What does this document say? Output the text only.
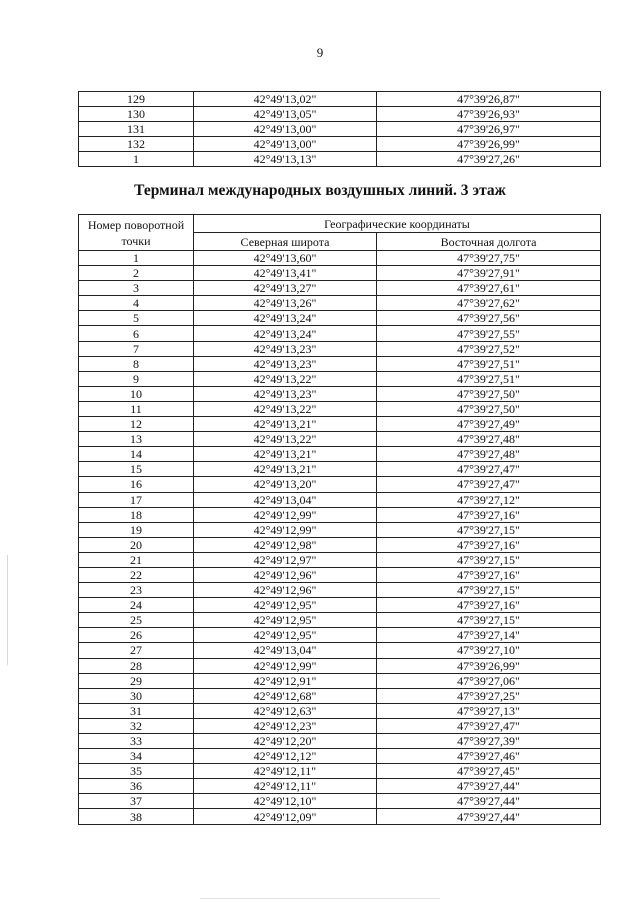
9
129	42°49'13,02"	47°39'26,87"
130	42°49'13,05"	47°39'26,93"
131	42°49'13,00"	47°39'26,97"
132	42°49'13,00"	47°39'26,99"
1	42°49'13,13"	47°39'27,26"
Терминал международных воздушных линий. 3 этаж
Номер поворотной точки	Географические координаты	
	Северная широта	Восточная долгота
1	42°49'13,60"	47°39'27,75"
2	42°49'13,41"	47°39'27,91"
3	42°49'13,27"	47°39'27,61"
4	42°49'13,26"	47°39'27,62"
5	42°49'13,24"	47°39'27,56"
6	42°49'13,24"	47°39'27,55"
7	42°49'13,23"	47°39'27,52"
8	42°49'13,23"	47°39'27,51"
9	42°49'13,22"	47°39'27,51"
10	42°49'13,23"	47°39'27,50"
11	42°49'13,22"	47°39'27,50"
12	42°49'13,21"	47°39'27,49"
13	42°49'13,22"	47°39'27,48"
14	42°49'13,21"	47°39'27,48"
15	42°49'13,21"	47°39'27,47"
16	42°49'13,20"	47°39'27,47"
17	42°49'13,04"	47°39'27,12"
18	42°49'12,99"	47°39'27,16"
19	42°49'12,99"	47°39'27,15"
20	42°49'12,98"	47°39'27,16"
21	42°49'12,97"	47°39'27,15"
22	42°49'12,96"	47°39'27,16"
23	42°49'12,96"	47°39'27,15"
24	42°49'12,95"	47°39'27,16"
25	42°49'12,95"	47°39'27,15"
26	42°49'12,95"	47°39'27,14"
27	42°49'13,04"	47°39'27,10"
28	42°49'12,99"	47°39'26,99"
29	42°49'12,91"	47°39'27,06"
30	42°49'12,68"	47°39'27,25"
31	42°49'12,63"	47°39'27,13"
32	42°49'12,23"	47°39'27,47"
33	42°49'12,20"	47°39'27,39"
34	42°49'12,12"	47°39'27,46"
35	42°49'12,11"	47°39'27,45"
36	42°49'12,11"	47°39'27,44"
37	42°49'12,10"	47°39'27,44"
38	42°49'12,09"	47°39'27,44"
